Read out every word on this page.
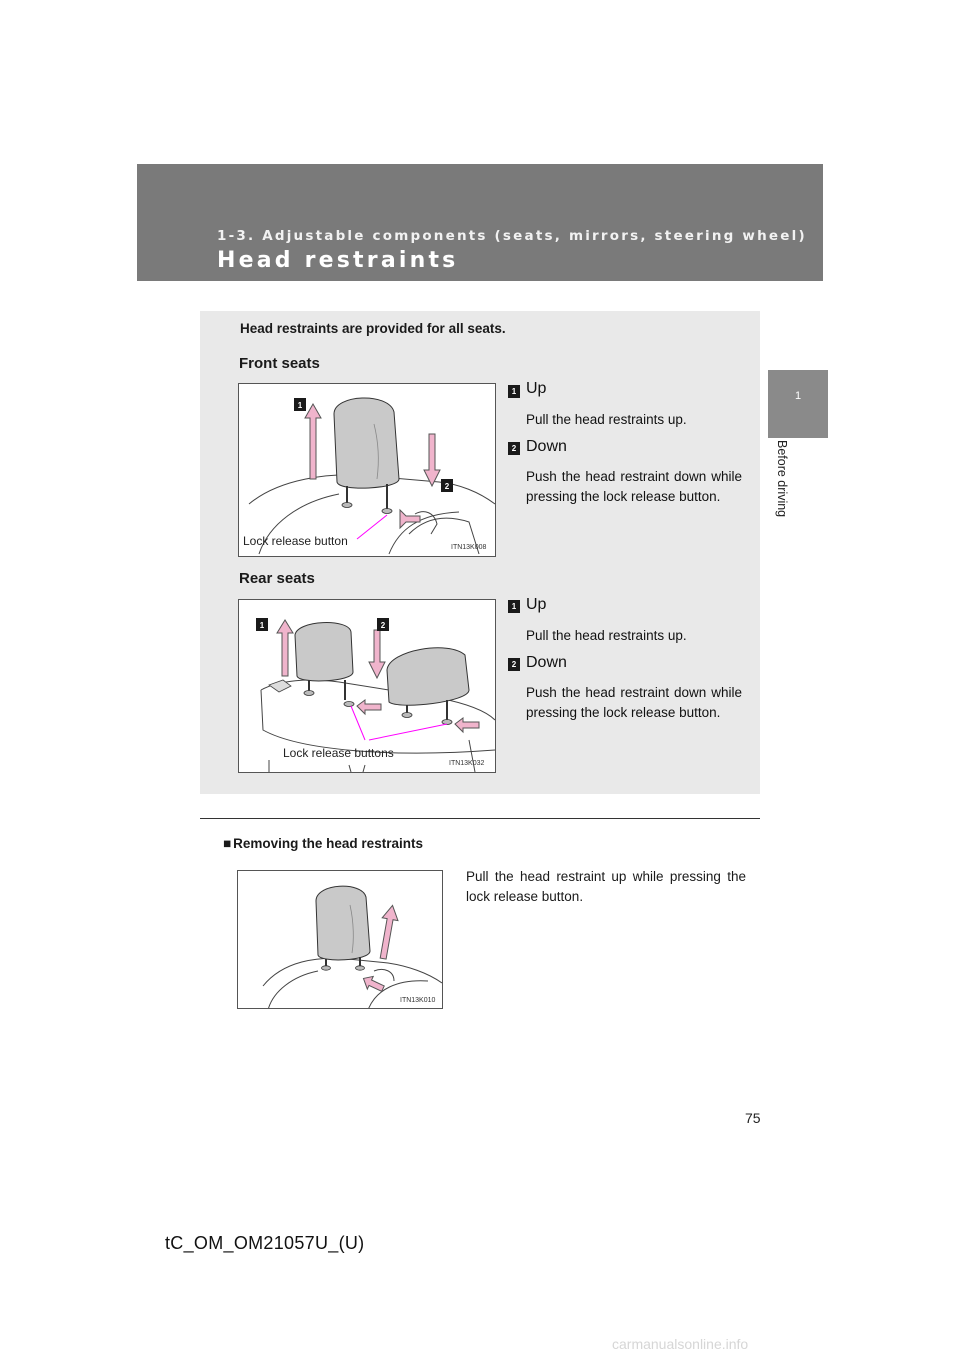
1-3. Adjustable components (seats, mirrors, steering wheel)
Head restraints
1
Before driving
Head restraints are provided for all seats.
Front seats
1
2
Lock release button	ITN13K008
1 Up
Pull the head restraints up.
2 Down
Push the head restraint down while pressing the lock release button.
Rear seats
1	2
Lock release buttons
ITN13K032
1 Up
Pull the head restraints up.
2 Down
Push the head restraint down while pressing the lock release button.
■ Removing the head restraints
Pull the head restraint up while pressing the lock release button.
ITN13K010
75
tC_OM_OM21057U_(U)
carmanualsonline.info
